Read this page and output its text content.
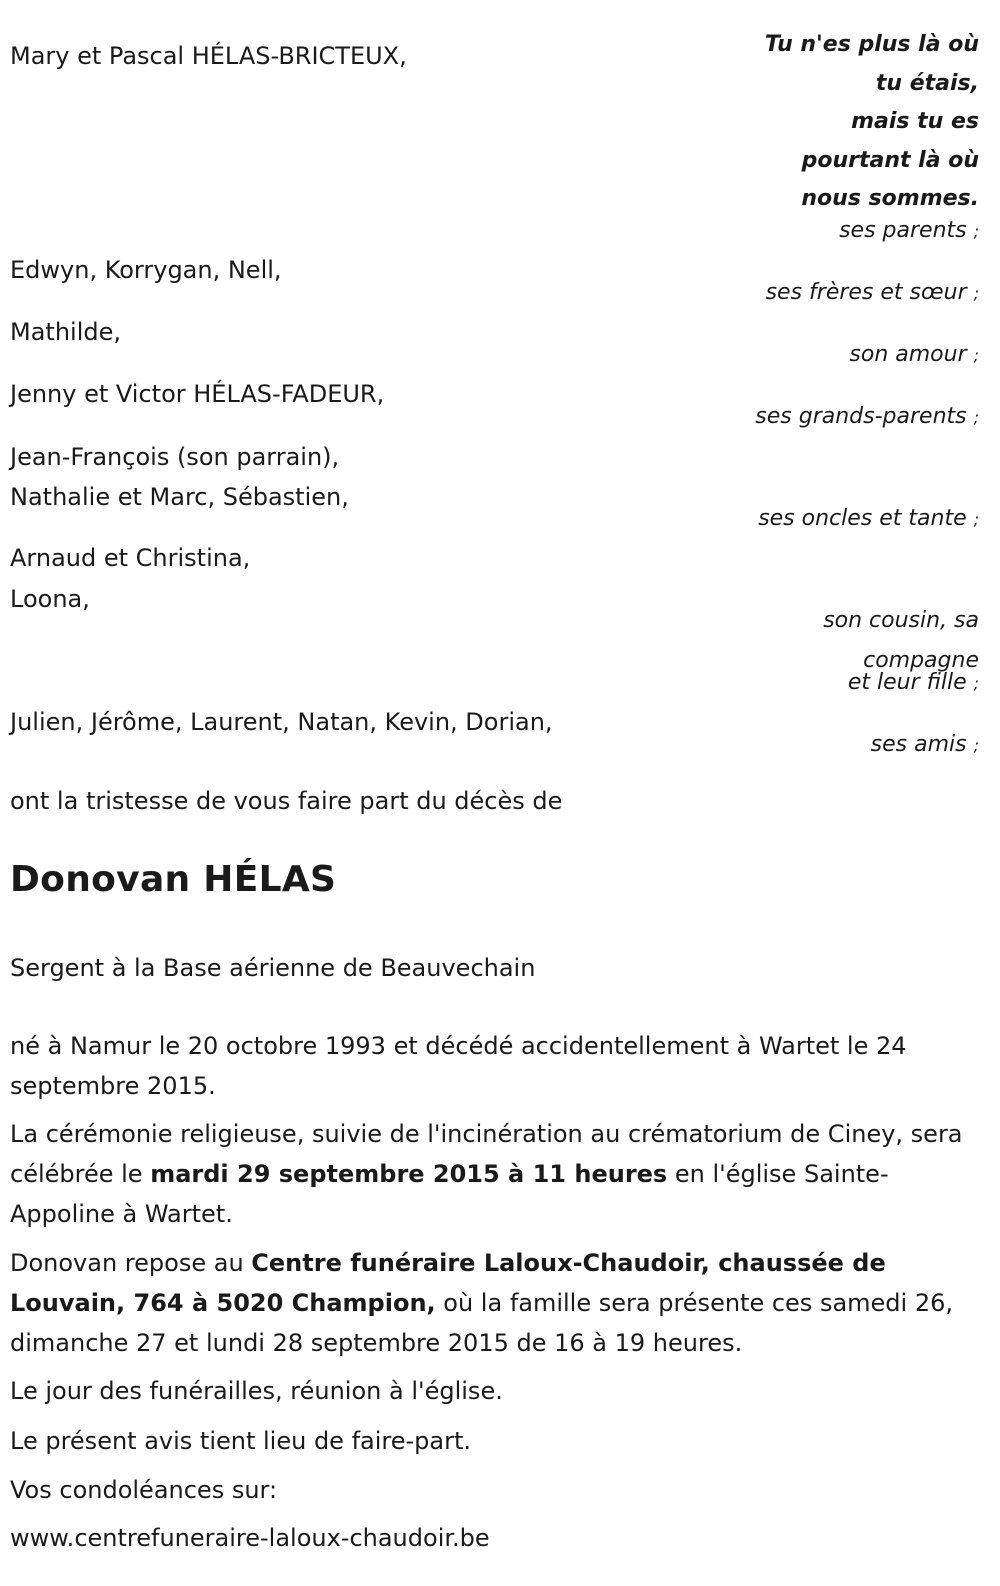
Tu n'es plus là où
tu étais,
mais tu es
pourtant là où
nous sommes.
Mary et Pascal HÉLAS-BRICTEUX,
ses parents ;
Edwyn, Korrygan, Nell,
ses frères et sœur ;
Mathilde,
son amour ;
Jenny et Victor HÉLAS-FADEUR,
ses grands-parents ;
Jean-François (son parrain),
Nathalie et Marc, Sébastien,
ses oncles et tante ;
Arnaud et Christina,
Loona,
son cousin, sa
compagne
et leur fille ;
Julien, Jérôme, Laurent, Natan, Kevin, Dorian,
ses amis ;
ont la tristesse de vous faire part du décès de
Donovan HÉLAS
Sergent à la Base aérienne de Beauvechain
né à Namur le 20 octobre 1993 et décédé accidentellement à Wartet le 24 septembre 2015.
La cérémonie religieuse, suivie de l'incinération au crématorium de Ciney, sera célébrée le mardi 29 septembre 2015 à 11 heures en l'église Sainte-Appoline à Wartet.
Donovan repose au Centre funéraire Laloux-Chaudoir, chaussée de Louvain, 764 à 5020 Champion, où la famille sera présente ces samedi 26, dimanche 27 et lundi 28 septembre 2015 de 16 à 19 heures.
Le jour des funérailles, réunion à l'église.
Le présent avis tient lieu de faire-part.
Vos condoléances sur:
www.centrefuneraire-laloux-chaudoir.be
